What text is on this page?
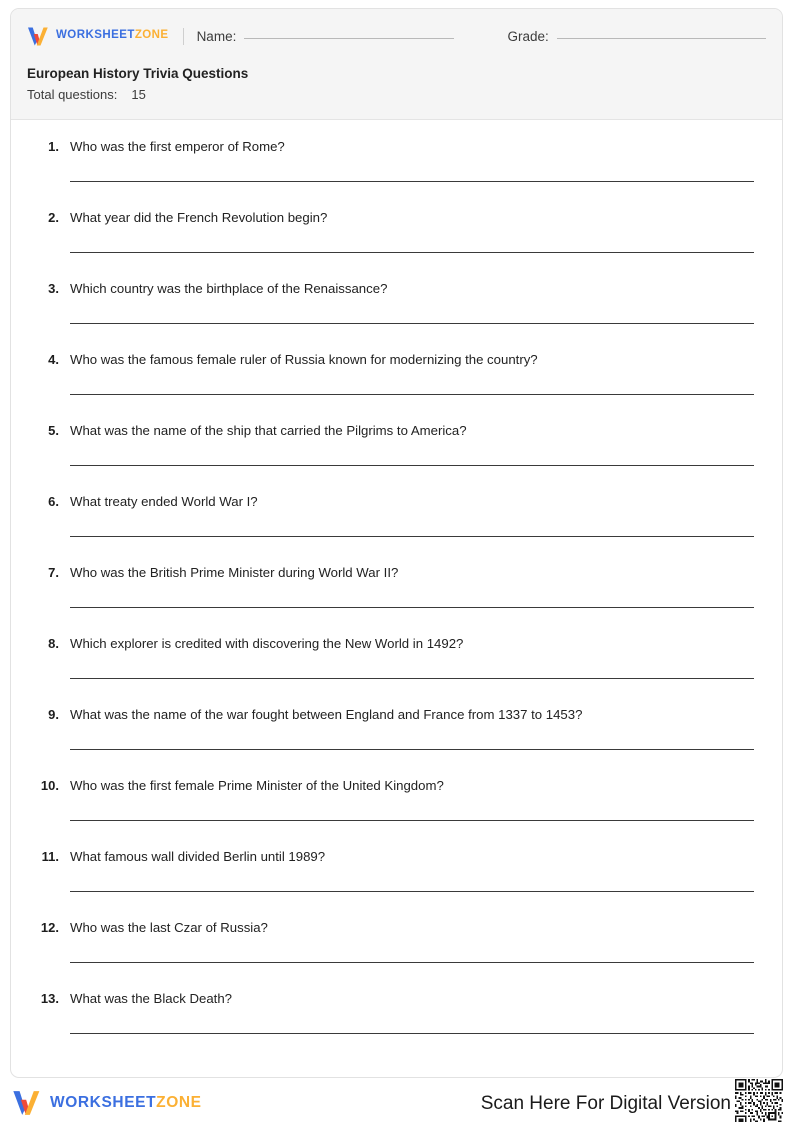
WORKSHEETZONE Name:	Grade:
European History Trivia Questions
Total questions: 15
1. Who was the first emperor of Rome?
2. What year did the French Revolution begin?
3. Which country was the birthplace of the Renaissance?
4. Who was the famous female ruler of Russia known for modernizing the country?
5. What was the name of the ship that carried the Pilgrims to America?
6. What treaty ended World War I?
7. Who was the British Prime Minister during World War II?
8. Which explorer is credited with discovering the New World in 1492?
9. What was the name of the war fought between England and France from 1337 to 1453?
10. Who was the first female Prime Minister of the United Kingdom?
11. What famous wall divided Berlin until 1989?
12. Who was the last Czar of Russia?
13. What was the Black Death?
WORKSHEETZONE	Scan Here For Digital Version
